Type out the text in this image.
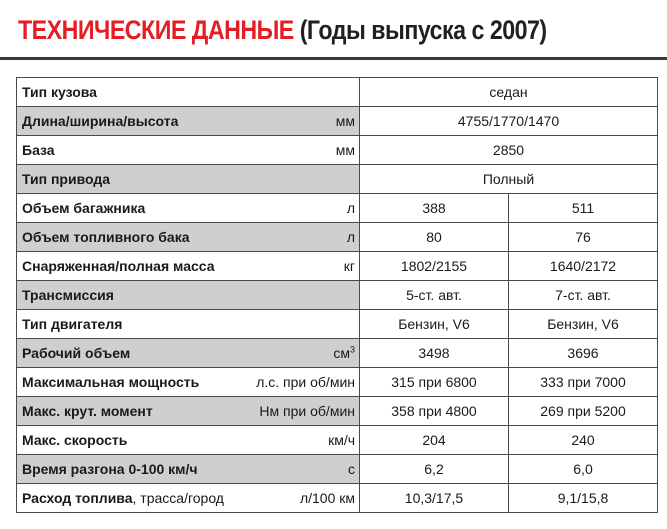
ТЕХНИЧЕСКИЕ ДАННЫЕ (Годы выпуска с 2007)
Тип кузова	седан	

Длина/ширина/высота мм	4755/1770/1470	

База мм	2850	

Тип привода	Полный	

Объем багажника л	388	511

Объем топливного бака л	80	76

Снаряженная/полная масса кг	1802/2155	1640/2172

Трансмиссия	5-ст. авт.	7-ст. авт.

Тип двигателя	Бензин, V6	Бензин, V6

Рабочий объем $см^3$	3498	3696

Максимальная мощность л.с. при об/мин	315 при 6800	333 при 7000

Макс. крут. момент Нм при об/мин	358 при 4800	269 при 5200

Макс. скорость км/ч	204	240

Время разгона 0-100 км/ч с	6,2	6,0

Расход топлива, трасса/город л/100 км	10,3/17,5	9,1/15,8
